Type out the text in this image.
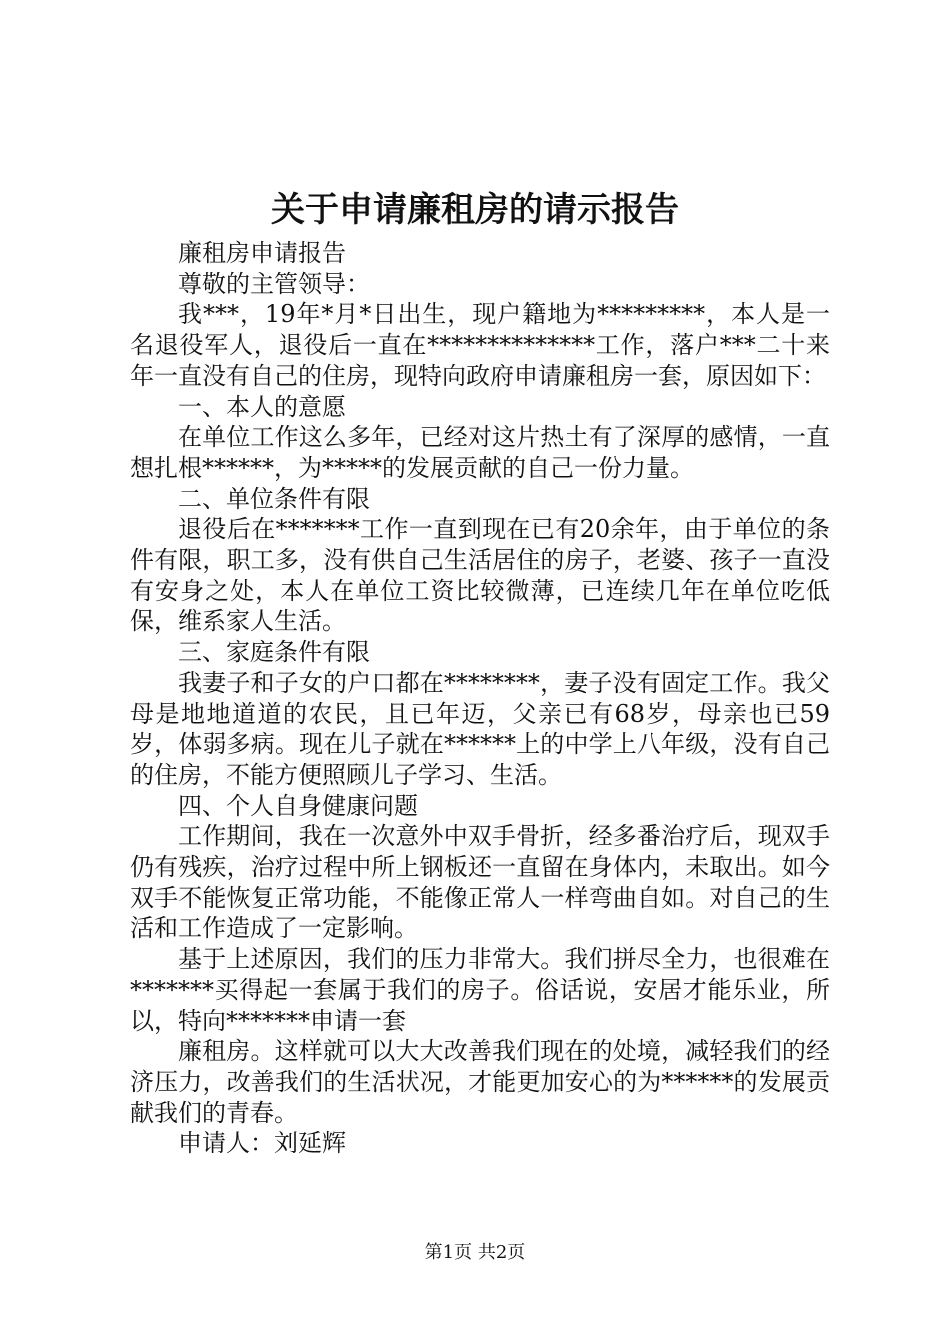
关于申请廉租房的请示报告

廉租房申请报告

尊敬的主管领导：

我***，19年*月*日出生，现户籍地为*********，本人是一名退役军人，退役后一直在**************工作，落户***二十来年一直没有自己的住房，现特向政府申请廉租房一套，原因如下：

一、本人的意愿

在单位工作这么多年，已经对这片热土有了深厚的感情，一直想扎根******，为*****的发展贡献的自己一份力量。

二、单位条件有限

退役后在*******工作一直到现在已有20余年，由于单位的条件有限，职工多，没有供自己生活居住的房子，老婆、孩子一直没有安身之处，本人在单位工资比较微薄，已连续几年在单位吃低保，维系家人生活。

三、家庭条件有限

我妻子和子女的户口都在********，妻子没有固定工作。我父母是地地道道的农民，且已年迈，父亲已有68岁，母亲也已59岁，体弱多病。现在儿子就在******上的中学上八年级，没有自己的住房，不能方便照顾儿子学习、生活。

四、个人自身健康问题

工作期间，我在一次意外中双手骨折，经多番治疗后，现双手仍有残疾，治疗过程中所上钢板还一直留在身体内，未取出。如今双手不能恢复正常功能，不能像正常人一样弯曲自如。对自己的生活和工作造成了一定影响。

基于上述原因，我们的压力非常大。我们拼尽全力，也很难在*******买得起一套属于我们的房子。俗话说，安居才能乐业，所以，特向*******申请一套

廉租房。这样就可以大大改善我们现在的处境，减轻我们的经济压力，改善我们的生活状况，才能更加安心的为******的发展贡献我们的青春。

申请人：刘延辉

第1页 共2页
